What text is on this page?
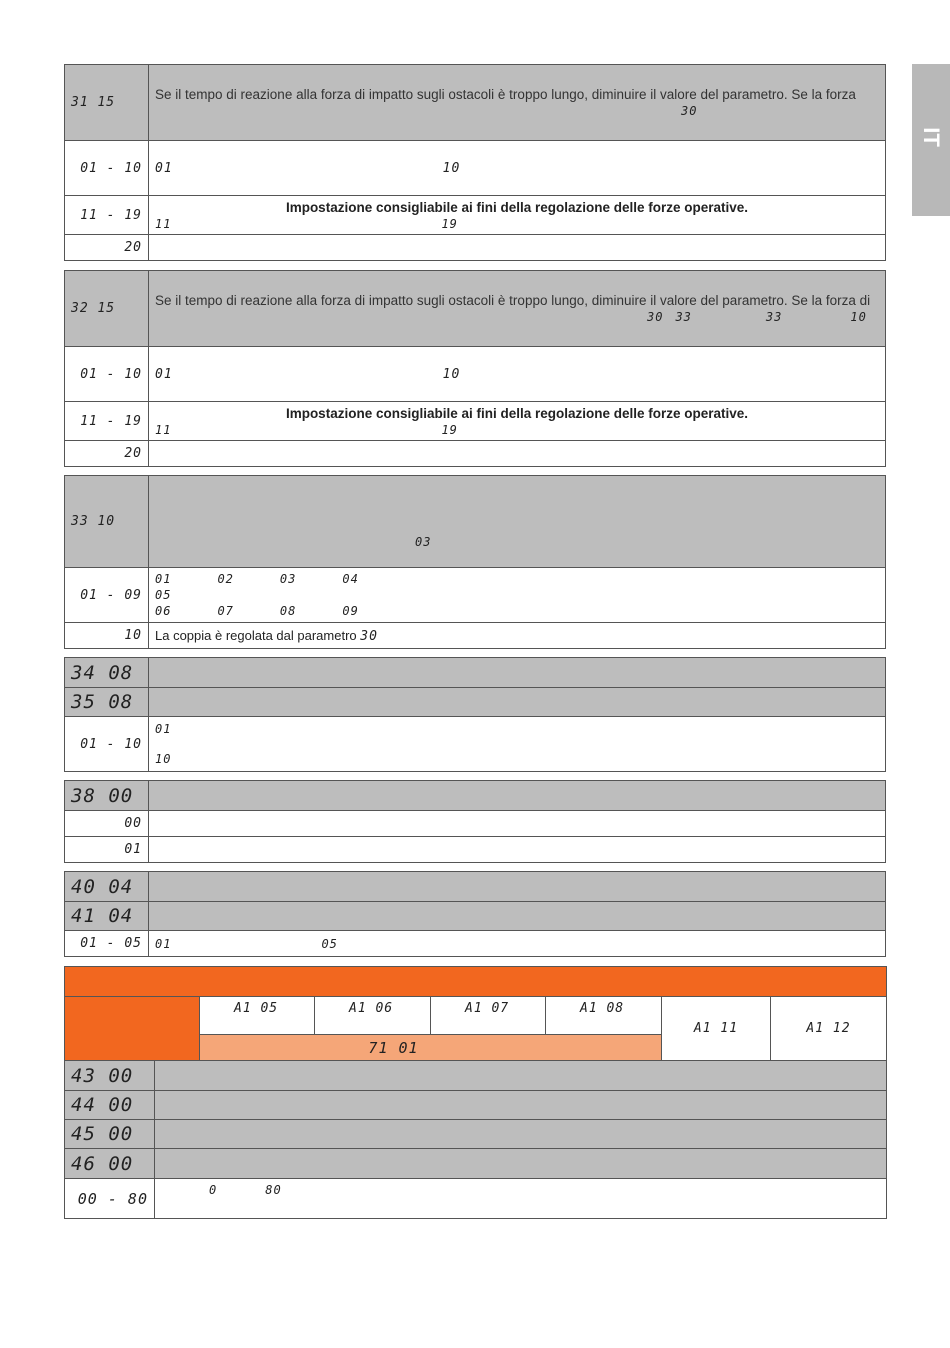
IT
31 15	Se il tempo di reazione alla forza di impatto sugli ostacoli è troppo lungo, diminuire il valore del parametro. Se la forza
30

01 - 10	01 10
11 - 19	Impostazione consigliabile ai fini della regolazione delle forze operative.
11 19

20	
32 15	Se il tempo di reazione alla forza di impatto sugli ostacoli è troppo lungo, diminuire il valore del parametro. Se la forza di
30 33 33 10

01 - 10	01 10
11 - 19	Impostazione consigliabile ai fini della regolazione delle forze operative.
11 19

20	
33 10	03

01 - 09	01 02 03 04
05
06 07 08 09

10	La coppia è regolata dal parametro 30
34 08	
35 08	
01 - 10	01

10
38 00	
00	
01	
40 04	
41 04	
01 - 05	01 05

		A1 05	A1 06	A1 07	A1 08	A1 11	A1 12
		71 01					
43 00							
44 00							
45 00							
46 00							
00 - 80	0 80						
